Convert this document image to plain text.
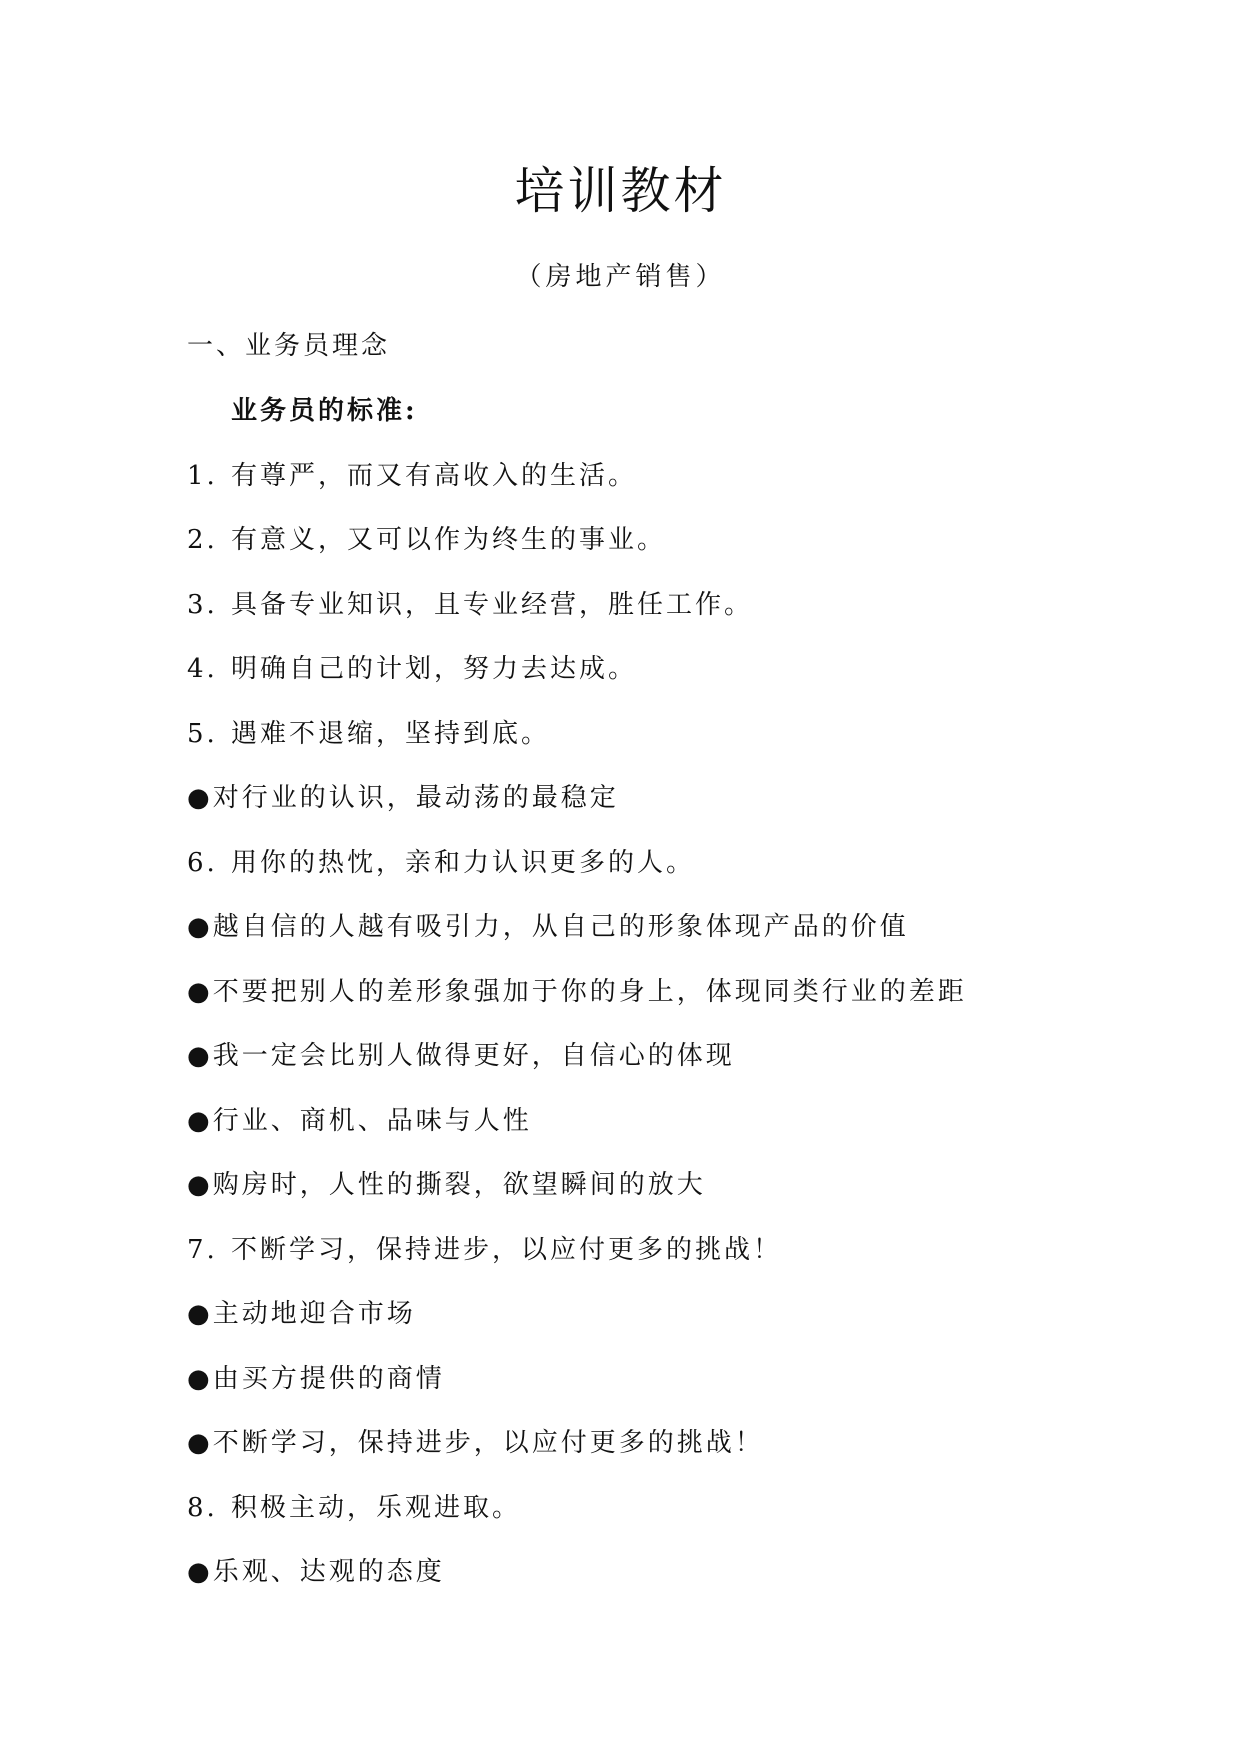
培训教材
（房地产销售）
一、业务员理念
业务员的标准:
1. 有尊严，而又有高收入的生活。
2. 有意义，又可以作为终生的事业。
3. 具备专业知识，且专业经营，胜任工作。
4. 明确自己的计划，努力去达成。
5. 遇难不退缩，坚持到底。
●对行业的认识，最动荡的最稳定
6. 用你的热忱，亲和力认识更多的人。
●越自信的人越有吸引力，从自己的形象体现产品的价值
●不要把别人的差形象强加于你的身上，体现同类行业的差距
●我一定会比别人做得更好，自信心的体现
●行业、商机、品味与人性
●购房时，人性的撕裂，欲望瞬间的放大
7. 不断学习，保持进步，以应付更多的挑战！
●主动地迎合市场
●由买方提供的商情
●不断学习，保持进步，以应付更多的挑战！
8. 积极主动，乐观进取。
●乐观、达观的态度
